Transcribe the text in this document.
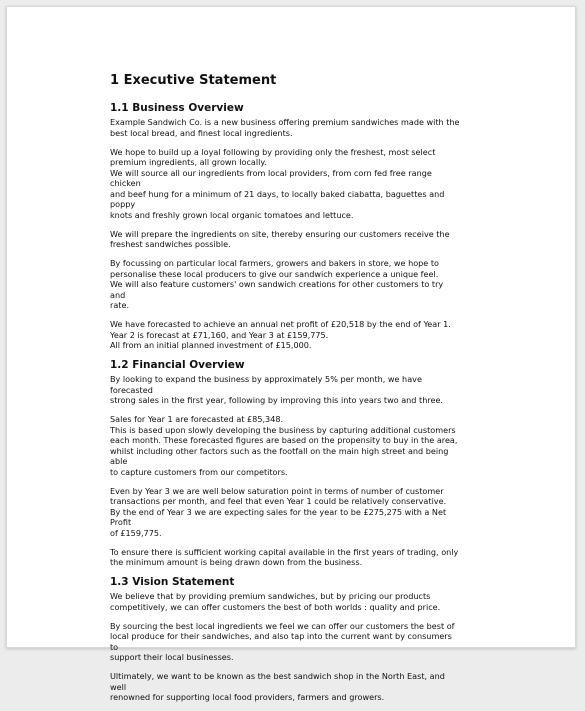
1 Executive Statement
1.1 Business Overview

Example Sandwich Co. is a new business offering premium sandwiches made with the
best local bread, and finest local ingredients.

We hope to build up a loyal following by providing only the freshest, most select
premium ingredients, all grown locally.
We will source all our ingredients from local providers, from corn fed free range chicken
and beef hung for a minimum of 21 days, to locally baked ciabatta, baguettes and poppy
knots and freshly grown local organic tomatoes and lettuce.

We will prepare the ingredients on site, thereby ensuring our customers receive the
freshest sandwiches possible.

By focussing on particular local farmers, growers and bakers in store, we hope to
personalise these local producers to give our sandwich experience a unique feel.
We will also feature customers' own sandwich creations for other customers to try and
rate.

We have forecasted to achieve an annual net profit of £20,518 by the end of Year 1.
Year 2 is forecast at £71,160, and Year 3 at £159,775.
All from an initial planned investment of £15,000.

1.2 Financial Overview

By looking to expand the business by approximately 5% per month, we have forecasted
strong sales in the first year, following by improving this into years two and three.

Sales for Year 1 are forecasted at £85,348.
This is based upon slowly developing the business by capturing additional customers
each month. These forecasted figures are based on the propensity to buy in the area,
whilst including other factors such as the footfall on the main high street and being able
to capture customers from our competitors.

Even by Year 3 we are well below saturation point in terms of number of customer
transactions per month, and feel that even Year 1 could be relatively conservative.
By the end of Year 3 we are expecting sales for the year to be £275,275 with a Net Profit
of £159,775.

To ensure there is sufficient working capital available in the first years of trading, only
the minimum amount is being drawn down from the business.

1.3 Vision Statement

We believe that by providing premium sandwiches, but by pricing our products
competitively, we can offer customers the best of both worlds : quality and price.

By sourcing the best local ingredients we feel we can offer our customers the best of
local produce for their sandwiches, and also tap into the current want by consumers to
support their local businesses.

Ultimately, we want to be known as the best sandwich shop in the North East, and well
renowned for supporting local food providers, farmers and growers.
